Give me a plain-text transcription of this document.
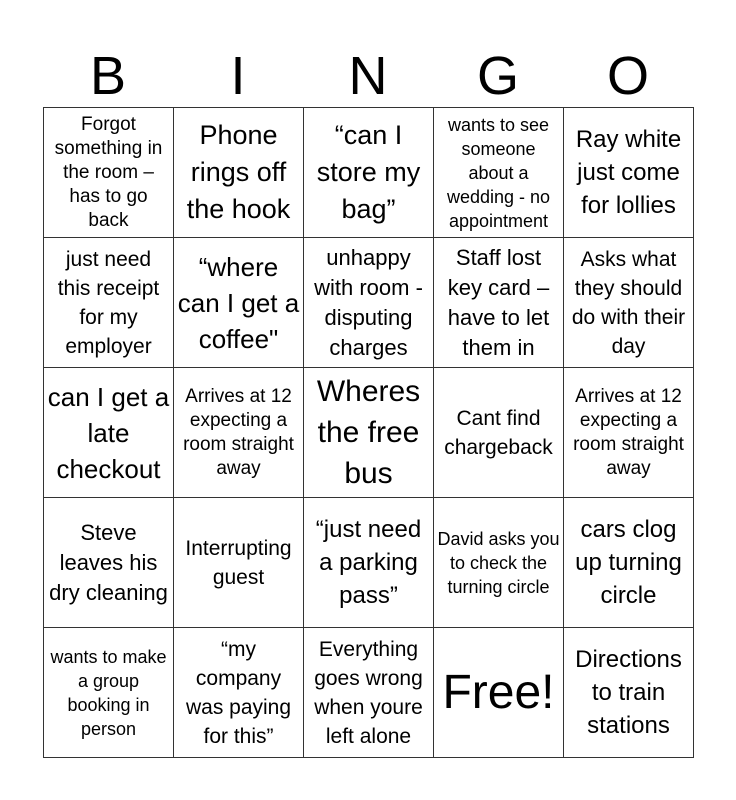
B	I	N	G	O
Forgot something in the room – has to go back
Phone rings off the hook
“can I store my bag”
wants to see someone about a wedding - no appointment
Ray white just come for lollies
just need this receipt for my employer
“where can I get a coffee"
unhappy with room - disputing charges
Staff lost key card – have to let them in
Asks what they should do with their day
can I get a late checkout
Arrives at 12 expecting a room straight away
Wheres the free bus
Cant find chargeback
Arrives at 12 expecting a room straight away
Steve leaves his dry cleaning
Interrupting guest
“just need a parking pass”
David asks you to check the turning circle
cars clog up turning circle
wants to make a group booking in person
“my company was paying for this”
Everything goes wrong when youre left alone
Free!
Directions to train stations
